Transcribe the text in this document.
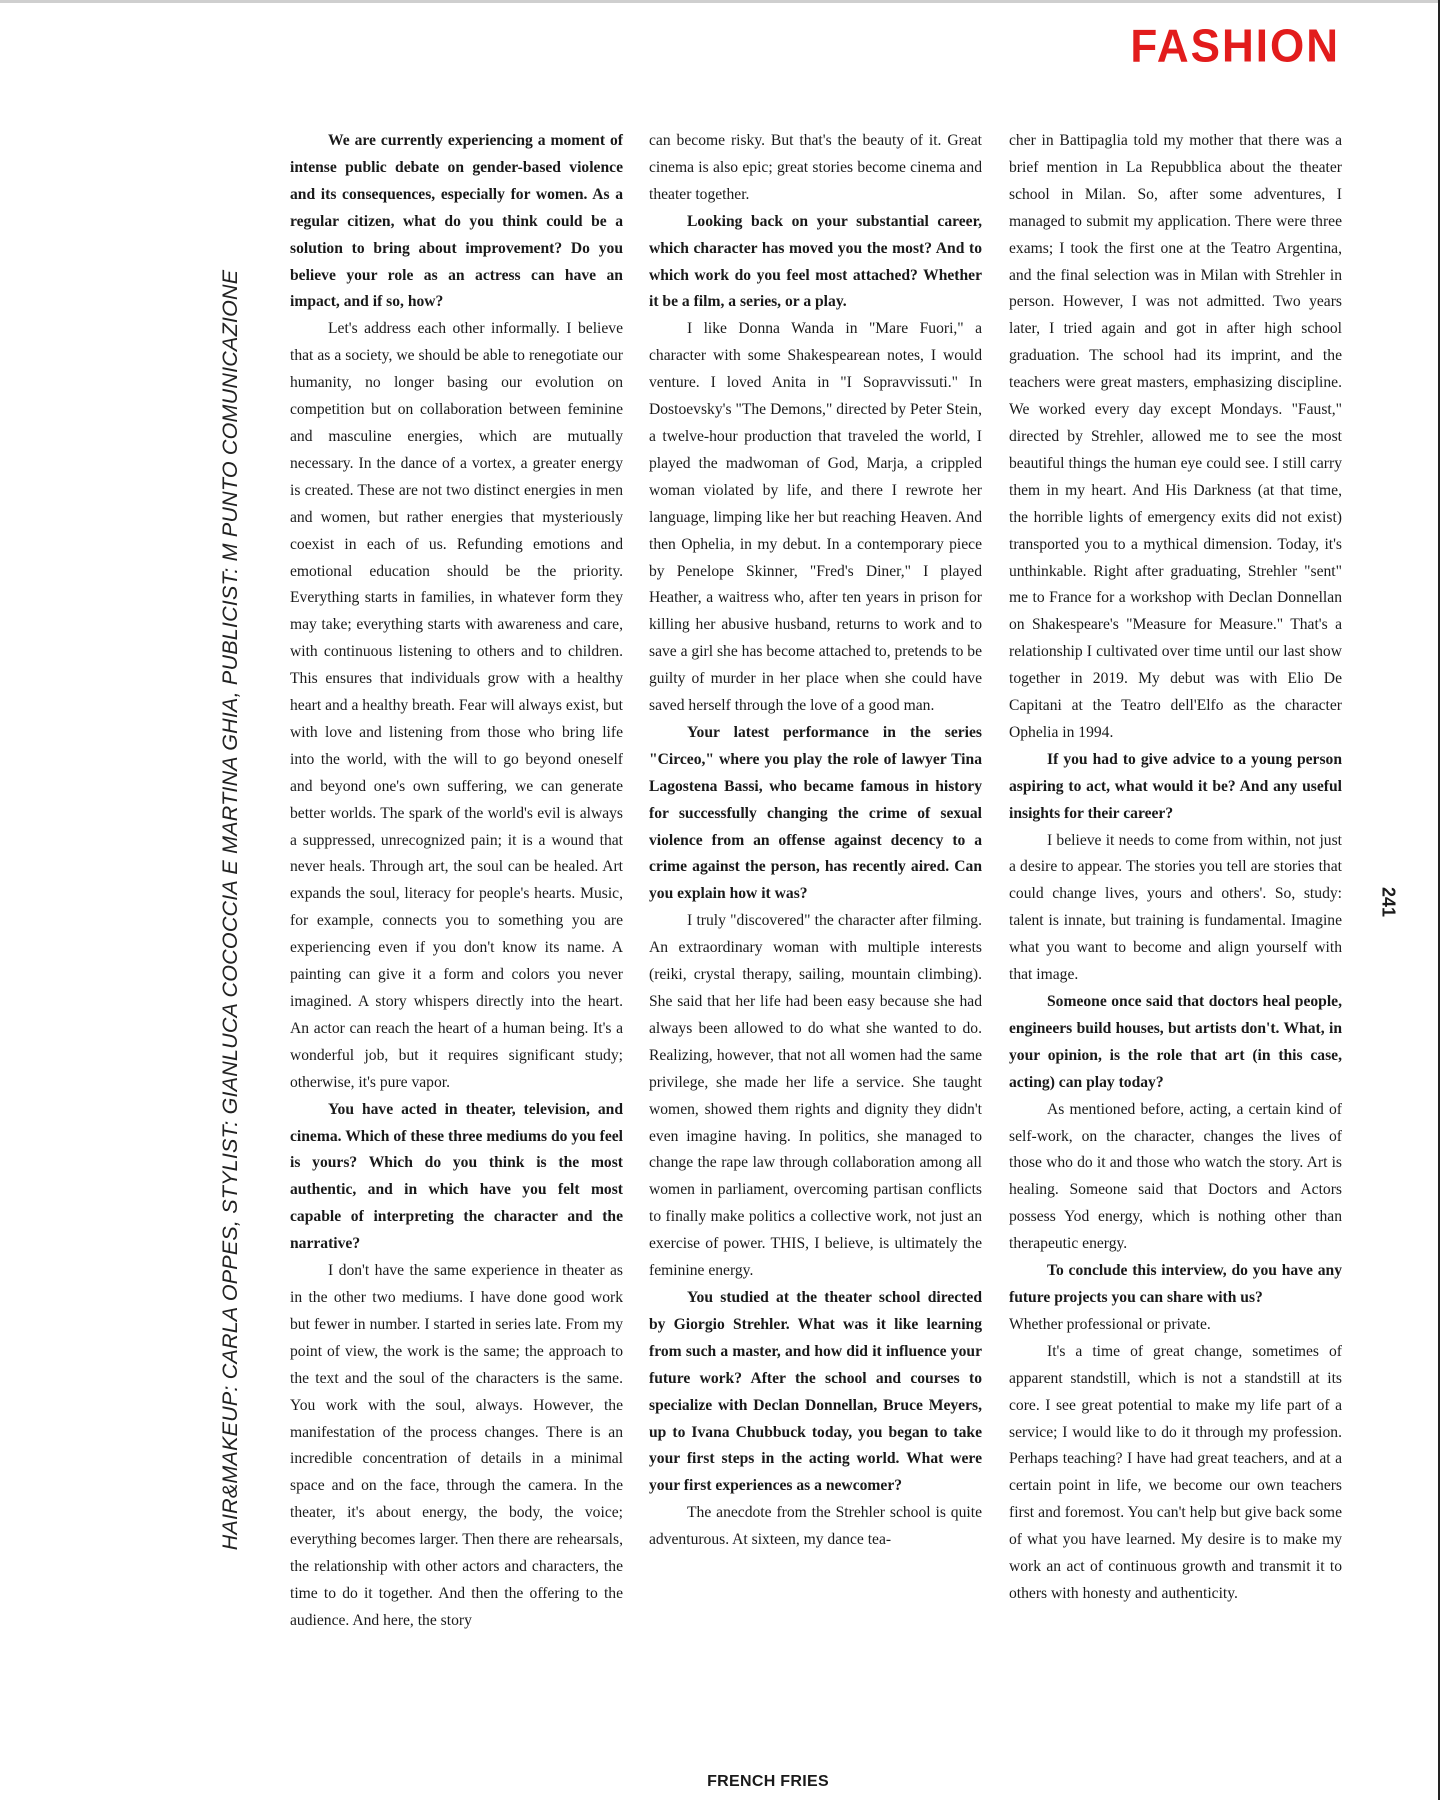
FASHION
HAIR&MAKEUP: CARLA OPPES, STYLIST: GIANLUCA COCOCCIA E MARTINA GHIA, PUBLICIST: M PUNTO COMUNICAZIONE	241

We are currently experiencing a moment of intense public debate on gender-based violence and its consequences, especially for women. As a regular citizen, what do you think could be a solution to bring about improvement? Do you believe your role as an actress can have an impact, and if so, how?

Let's address each other informally. I believe that as a society, we should be able to renegotiate our humanity, no longer basing our evolution on competition but on collaboration between feminine and masculine energies, which are mutually necessary. In the dance of a vortex, a greater energy is created. These are not two distinct energies in men and women, but rather energies that mysteriously coexist in each of us. Refunding emotions and emotional education should be the priority. Everything starts in families, in whatever form they may take; everything starts with awareness and care, with continuous listening to others and to children. This ensures that individuals grow with a healthy heart and a healthy breath. Fear will always exist, but with love and listening from those who bring life into the world, with the will to go beyond oneself and beyond one's own suffering, we can generate better worlds. The spark of the world's evil is always a suppressed, unrecognized pain; it is a wound that never heals. Through art, the soul can be healed. Art expands the soul, literacy for people's hearts. Music, for example, connects you to something you are experiencing even if you don't know its name. A painting can give it a form and colors you never imagined. A story whispers directly into the heart. An actor can reach the heart of a human being. It's a wonderful job, but it requires significant study; otherwise, it's pure vapor.

You have acted in theater, television, and cinema. Which of these three mediums do you feel is yours? Which do you think is the most authentic, and in which have you felt most capable of interpreting the character and the narrative?

I don't have the same experience in theater as in the other two mediums. I have done good work but fewer in number. I started in series late. From my point of view, the work is the same; the approach to the text and the soul of the characters is the same. You work with the soul, always. However, the manifestation of the process changes. There is an incredible concentration of details in a minimal space and on the face, through the camera. In the theater, it's about energy, the body, the voice; everything becomes larger. Then there are rehearsals, the relationship with other actors and characters, the time to do it together. And then the offering to the audience. And here, the story

can become risky. But that's the beauty of it. Great cinema is also epic; great stories become cinema and theater together.

Looking back on your substantial career, which character has moved you the most? And to which work do you feel most attached? Whether it be a film, a series, or a play.

I like Donna Wanda in "Mare Fuori," a character with some Shakespearean notes, I would venture. I loved Anita in "I Sopravvissuti." In Dostoevsky's "The Demons," directed by Peter Stein, a twelve-hour production that traveled the world, I played the madwoman of God, Marja, a crippled woman violated by life, and there I rewrote her language, limping like her but reaching Heaven. And then Ophelia, in my debut. In a contemporary piece by Penelope Skinner, "Fred's Diner," I played Heather, a waitress who, after ten years in prison for killing her abusive husband, returns to work and to save a girl she has become attached to, pretends to be guilty of murder in her place when she could have saved herself through the love of a good man.

Your latest performance in the series "Circeo," where you play the role of lawyer Tina Lagostena Bassi, who became famous in history for successfully changing the crime of sexual violence from an offense against decency to a crime against the person, has recently aired. Can you explain how it was?

I truly "discovered" the character after filming. An extraordinary woman with multiple interests (reiki, crystal therapy, sailing, mountain climbing). She said that her life had been easy because she had always been allowed to do what she wanted to do. Realizing, however, that not all women had the same privilege, she made her life a service. She taught women, showed them rights and dignity they didn't even imagine having. In politics, she managed to change the rape law through collaboration among all women in parliament, overcoming partisan conflicts to finally make politics a collective work, not just an exercise of power. THIS, I believe, is ultimately the feminine energy.

You studied at the theater school directed by Giorgio Strehler. What was it like learning from such a master, and how did it influence your future work? After the school and courses to specialize with Declan Donnellan, Bruce Meyers, up to Ivana Chubbuck today, you began to take your first steps in the acting world. What were your first experiences as a newcomer?

The anecdote from the Strehler school is quite adventurous. At sixteen, my dance tea-

cher in Battipaglia told my mother that there was a brief mention in La Repubblica about the theater school in Milan. So, after some adventures, I managed to submit my application. There were three exams; I took the first one at the Teatro Argentina, and the final selection was in Milan with Strehler in person. However, I was not admitted. Two years later, I tried again and got in after high school graduation. The school had its imprint, and the teachers were great masters, emphasizing discipline. We worked every day except Mondays. "Faust," directed by Strehler, allowed me to see the most beautiful things the human eye could see. I still carry them in my heart. And His Darkness (at that time, the horrible lights of emergency exits did not exist) transported you to a mythical dimension. Today, it's unthinkable. Right after graduating, Strehler "sent" me to France for a workshop with Declan Donnellan on Shakespeare's "Measure for Measure." That's a relationship I cultivated over time until our last show together in 2019. My debut was with Elio De Capitani at the Teatro dell'Elfo as the character Ophelia in 1994.

If you had to give advice to a young person aspiring to act, what would it be? And any useful insights for their career?

I believe it needs to come from within, not just a desire to appear. The stories you tell are stories that could change lives, yours and others'. So, study: talent is innate, but training is fundamental. Imagine what you want to become and align yourself with that image.

Someone once said that doctors heal people, engineers build houses, but artists don't. What, in your opinion, is the role that art (in this case, acting) can play today?

As mentioned before, acting, a certain kind of self-work, on the character, changes the lives of those who do it and those who watch the story. Art is healing. Someone said that Doctors and Actors possess Yod energy, which is nothing other than therapeutic energy.

To conclude this interview, do you have any future projects you can share with us?

Whether professional or private.

It's a time of great change, sometimes of apparent standstill, which is not a standstill at its core. I see great potential to make my life part of a service; I would like to do it through my profession. Perhaps teaching? I have had great teachers, and at a certain point in life, we become our own teachers first and foremost. You can't help but give back some of what you have learned. My desire is to make my work an act of continuous growth and transmit it to others with honesty and authenticity.

FRENCH FRIES
